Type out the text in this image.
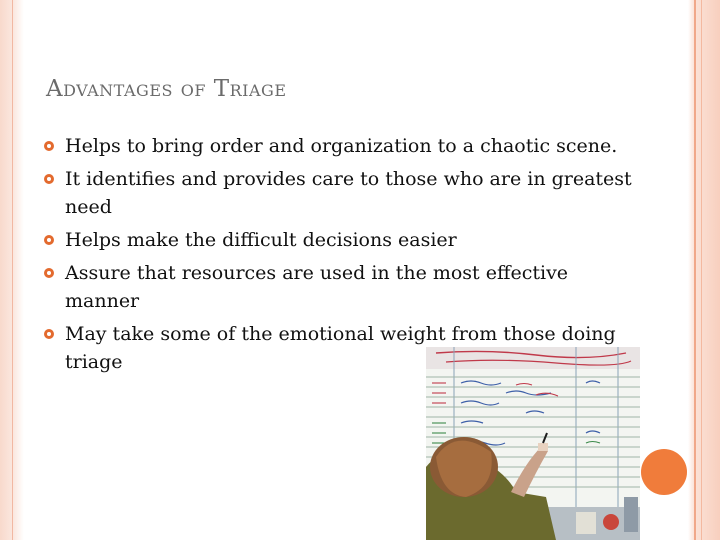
Advantages of Triage
Helps to bring order and organization to a chaotic scene.
It identifies and provides care to those who are in greatest need
Helps make the difficult decisions easier
Assure that resources are used in the most effective manner
May take some of the emotional weight from those doing triage
